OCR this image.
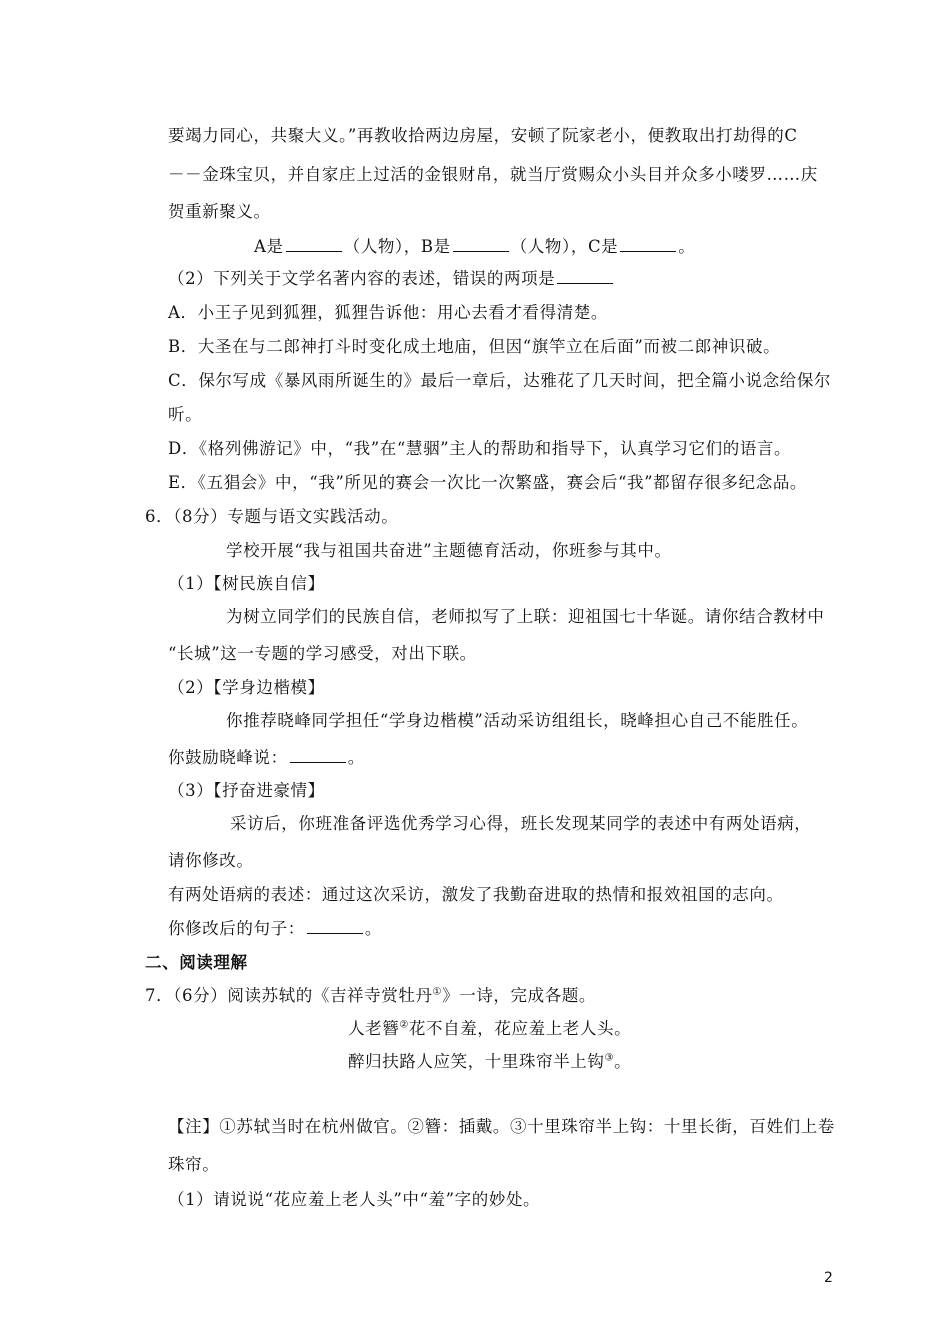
要竭力同心，共聚大义。”再教收拾两边房屋，安顿了阮家老小，便教取出打劫得的C
－－金珠宝贝，并自家庄上过活的金银财帛，就当厅赏赐众小头目并众多小喽罗……庆
贺重新聚义。
A是	（人物），B是	（人物），C是	。
（2）下列关于文学名著内容的表述，错误的两项是
A．小王子见到狐狸，狐狸告诉他：用心去看才看得清楚。
B．大圣在与二郎神打斗时变化成土地庙，但因“旗竿立在后面”而被二郎神识破。
C．保尔写成《暴风雨所诞生的》最后一章后，达雅花了几天时间，把全篇小说念给保尔
听。
D．《格列佛游记》中，“我”在“慧骃”主人的帮助和指导下，认真学习它们的语言。
E．《五猖会》中，“我”所见的赛会一次比一次繁盛，赛会后“我”都留存很多纪念品。
6．（8分）专题与语文实践活动。
学校开展“我与祖国共奋进”主题德育活动，你班参与其中。
（1）【树民族自信】
为树立同学们的民族自信，老师拟写了上联：迎祖国七十华诞。请你结合教材中
“长城”这一专题的学习感受，对出下联。
（2）【学身边楷模】
你推荐晓峰同学担任“学身边楷模”活动采访组组长，晓峰担心自己不能胜任。
你鼓励晓峰说：	。
（3）【抒奋进豪情】
采访后，你班准备评选优秀学习心得，班长发现某同学的表述中有两处语病，
请你修改。
有两处语病的表述：通过这次采访，激发了我勤奋进取的热情和报效祖国的志向。
你修改后的句子：	。
二、阅读理解
7．（6分）阅读苏轼的《吉祥寺赏牡丹①》一诗，完成各题。
人老簪②花不自羞，花应羞上老人头。
醉归扶路人应笑，十里珠帘半上钩③。
【注】①苏轼当时在杭州做官。②簪：插戴。③十里珠帘半上钩：十里长街，百姓们上卷
珠帘。
（1）请说说“花应羞上老人头”中“羞”字的妙处。
2
